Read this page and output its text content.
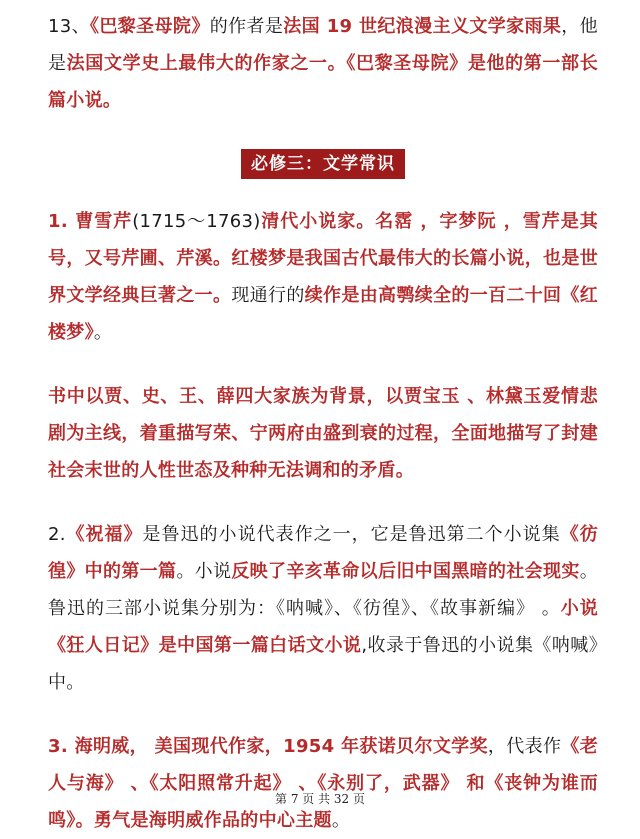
13、《巴黎圣母院》的作者是法国 19 世纪浪漫主义文学家雨果，他是法国文学史上最伟大的作家之一。《巴黎圣母院》是他的第一部长篇小说。

必修三：文学常识

1. 曹雪芹(1715～1763)清代小说家。名霑 ，字梦阮 ，雪芹是其号，又号芹圃、芹溪。红楼梦是我国古代最伟大的长篇小说，也是世界文学经典巨著之一。现通行的续作是由高鹗续全的一百二十回《红楼梦》。

书中以贾、史、王、薛四大家族为背景，以贾宝玉 、林黛玉爱情悲剧为主线，着重描写荣、宁两府由盛到衰的过程，全面地描写了封建社会末世的人性世态及种种无法调和的矛盾。

2.《祝福》是鲁迅的小说代表作之一，它是鲁迅第二个小说集《彷徨》中的第一篇。小说反映了辛亥革命以后旧中国黑暗的社会现实。鲁迅的三部小说集分别为：《呐喊》、《彷徨》、《故事新编》 。小说《狂人日记》是中国第一篇白话文小说,收录于鲁迅的小说集《呐喊》中。

3. 海明威， 美国现代作家，1954 年获诺贝尔文学奖，代表作《老人与海》 、《太阳照常升起》 、《永别了，武器》 和《丧钟为谁而鸣》。勇气是海明威作品的中心主题。

第 7 页 共 32 页
